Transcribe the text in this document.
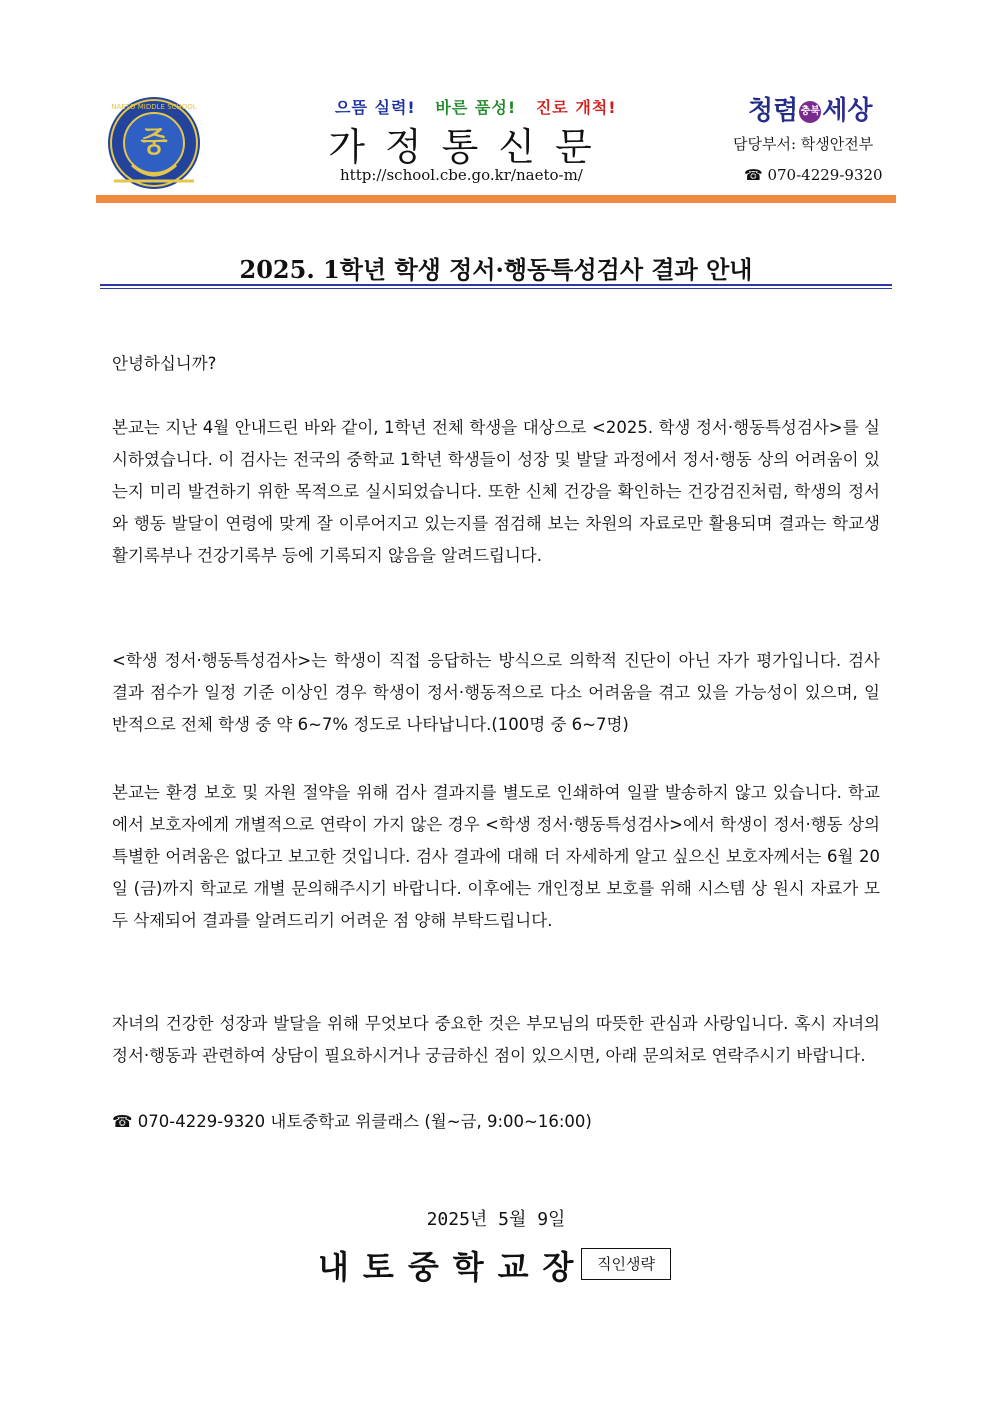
중
NAETO MIDDLE SCHOOL	으뜸 실력! 바른 품성! 진로 개척!
가정통신문
http://school.cbe.go.kr/naeto-m/
청렴 충북세상
담당부서: 학생안전부
☎ 070-4229-9320
2025. 1학년 학생 정서·행동특성검사 결과 안내
안녕하십니까?
본교는 지난 4월 안내드린 바와 같이, 1학년 전체 학생을 대상으로 <2025. 학생 정서·행동특성검사>를 실시하였습니다. 이 검사는 전국의 중학교 1학년 학생들이 성장 및 발달 과정에서 정서·행동 상의 어려움이 있는지 미리 발견하기 위한 목적으로 실시되었습니다. 또한 신체 건강을 확인하는 건강검진처럼, 학생의 정서와 행동 발달이 연령에 맞게 잘 이루어지고 있는지를 점검해 보는 차원의 자료로만 활용되며 결과는 학교생활기록부나 건강기록부 등에 기록되지 않음을 알려드립니다.
<학생 정서·행동특성검사>는 학생이 직접 응답하는 방식으로 의학적 진단이 아닌 자가 평가입니다. 검사 결과 점수가 일정 기준 이상인 경우 학생이 정서·행동적으로 다소 어려움을 겪고 있을 가능성이 있으며, 일반적으로 전체 학생 중 약 6~7% 정도로 나타납니다.(100명 중 6~7명)
본교는 환경 보호 및 자원 절약을 위해 검사 결과지를 별도로 인쇄하여 일괄 발송하지 않고 있습니다. 학교에서 보호자에게 개별적으로 연락이 가지 않은 경우 <학생 정서·행동특성검사>에서 학생이 정서·행동 상의 특별한 어려움은 없다고 보고한 것입니다. 검사 결과에 대해 더 자세하게 알고 싶으신 보호자께서는 6월 20일 (금)까지 학교로 개별 문의해주시기 바랍니다. 이후에는 개인정보 보호를 위해 시스템 상 원시 자료가 모두 삭제되어 결과를 알려드리기 어려운 점 양해 부탁드립니다.
자녀의 건강한 성장과 발달을 위해 무엇보다 중요한 것은 부모님의 따뜻한 관심과 사랑입니다. 혹시 자녀의 정서·행동과 관련하여 상담이 필요하시거나 궁금하신 점이 있으시면, 아래 문의처로 연락주시기 바랍니다.
☎ 070-4229-9320 내토중학교 위클래스 (월~금, 9:00~16:00)
2025년 5월 9일
내토중학교장 직인생략
